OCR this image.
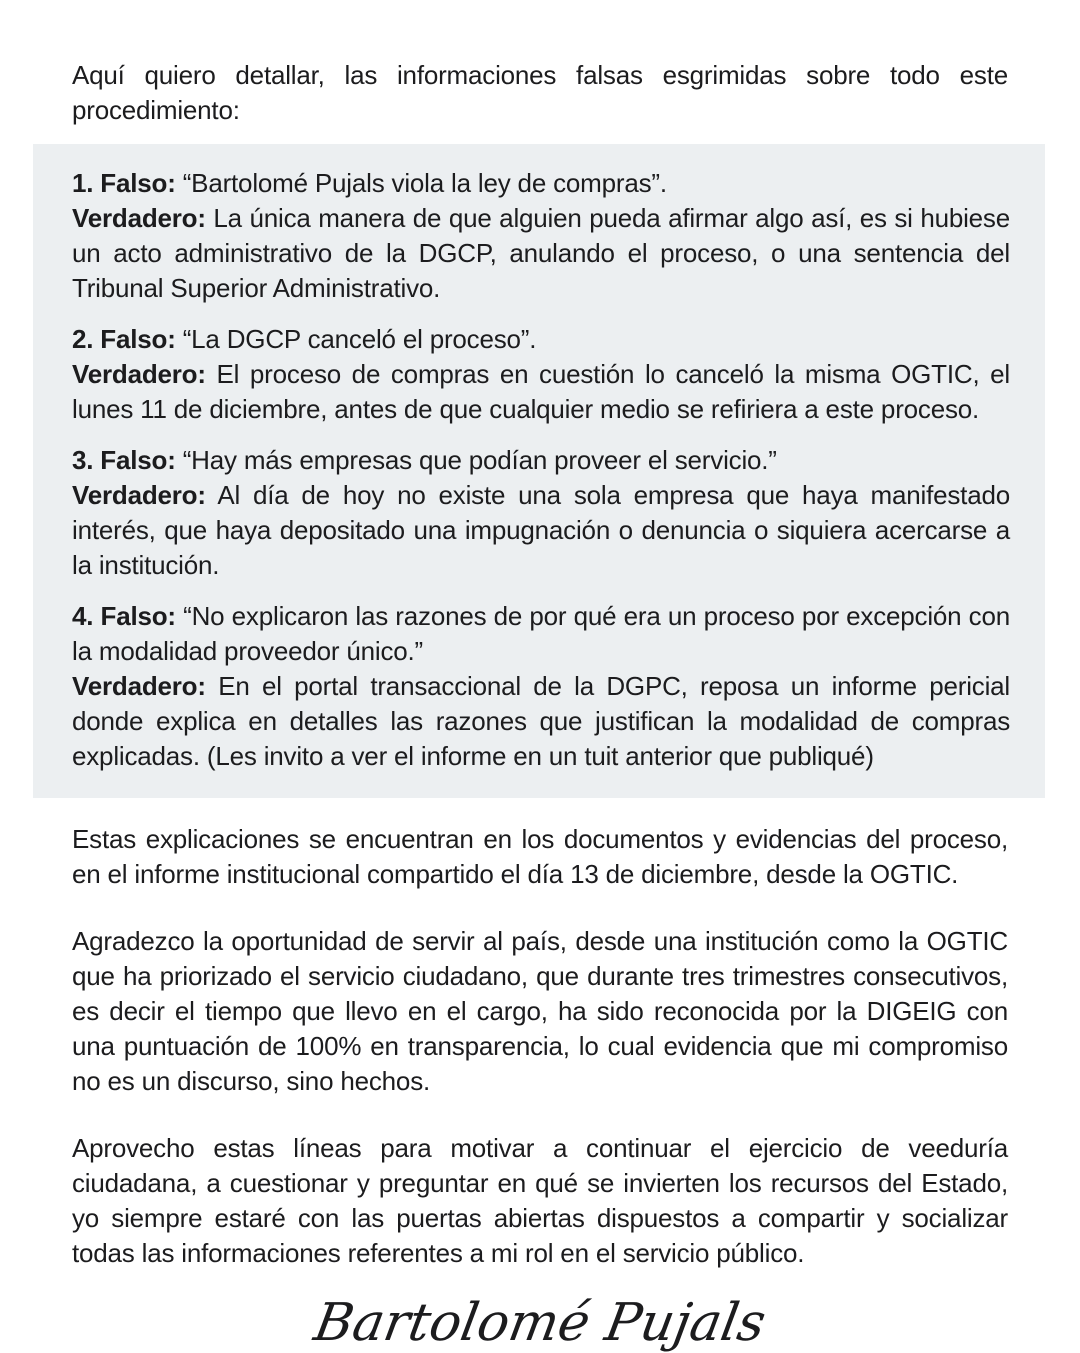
Aquí quiero detallar, las informaciones falsas esgrimidas sobre todo este procedimiento:

1. Falso: “Bartolomé Pujals viola la ley de compras”.

Verdadero: La única manera de que alguien pueda afirmar algo así, es si hubiese un acto administrativo de la DGCP, anulando el proceso, o una sentencia del Tribunal Superior Administrativo.

2. Falso: “La DGCP canceló el proceso”.

Verdadero: El proceso de compras en cuestión lo canceló la misma OGTIC, el lunes 11 de diciembre, antes de que cualquier medio se refiriera a este proceso.

3. Falso: “Hay más empresas que podían proveer el servicio.”

Verdadero: Al día de hoy no existe una sola empresa que haya manifestado interés, que haya depositado una impugnación o denuncia o siquiera acercarse a la institución.

4. Falso: “No explicaron las razones de por qué era un proceso por excepción con la modalidad proveedor único.”

Verdadero: En el portal transaccional de la DGPC, reposa un informe pericial donde explica en detalles las razones que justifican la modalidad de compras explicadas. (Les invito a ver el informe en un tuit anterior que publiqué)

Estas explicaciones se encuentran en los documentos y evidencias del proceso, en el informe institucional compartido el día 13 de diciembre, desde la OGTIC.

Agradezco la oportunidad de servir al país, desde una institución como la OGTIC que ha priorizado el servicio ciudadano, que durante tres trimestres consecutivos, es decir el tiempo que llevo en el cargo, ha sido reconocida por la DIGEIG con una puntuación de 100% en transparencia, lo cual evidencia que mi compromiso no es un discurso, sino hechos.

Aprovecho estas líneas para motivar a continuar el ejercicio de veeduría ciudadana, a cuestionar y preguntar en qué se invierten los recursos del Estado, yo siempre estaré con las puertas abiertas dispuestos a compartir y socializar todas las informaciones referentes a mi rol en el servicio público.

Bartolomé Pujals
